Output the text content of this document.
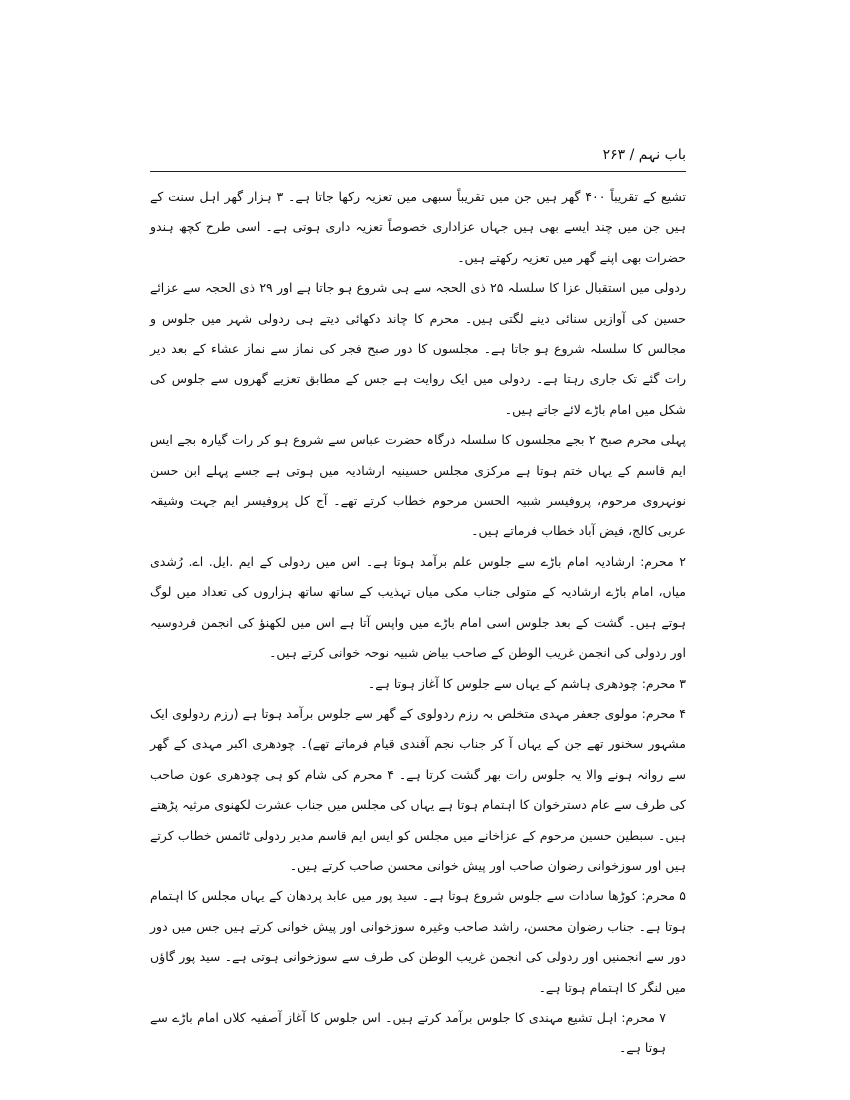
باب نہم / ۲۶۳

تشیع کے تقریباً ۴۰۰ گھر ہیں جن میں تقریباً سبھی میں تعزیہ رکھا جاتا ہے۔ ۳ ہزار گھر اہل سنت کے ہیں جن میں چند ایسے بھی ہیں جہاں عزاداری خصوصاً تعزیہ داری ہوتی ہے۔ اسی طرح کچھ ہندو حضرات بھی اپنے گھر میں تعزیہ رکھتے ہیں۔

ردولی میں استقبال عزا کا سلسلہ ۲۵ ذی الحجہ سے ہی شروع ہو جاتا ہے اور ۲۹ ذی الحجہ سے عزائے حسین کی آوازیں سنائی دینے لگتی ہیں۔ محرم کا چاند دکھائی دیتے ہی ردولی شہر میں جلوس و مجالس کا سلسلہ شروع ہو جاتا ہے۔ مجلسوں کا دور صبح فجر کی نماز سے نماز عشاء کے بعد دیر رات گئے تک جاری رہتا ہے۔ ردولی میں ایک روایت ہے جس کے مطابق تعزیے گھروں سے جلوس کی شکل میں امام باڑے لائے جاتے ہیں۔

پہلی محرم صبح ۲ بجے مجلسوں کا سلسلہ درگاہ حضرت عباس سے شروع ہو کر رات گیارہ بجے ایس ایم قاسم کے یہاں ختم ہوتا ہے مرکزی مجلس حسینیہ ارشادیہ میں ہوتی ہے جسے پہلے ابن حسن نونہروی مرحوم، پروفیسر شبیہ الحسن مرحوم خطاب کرتے تھے۔ آج کل پروفیسر ایم جہت وشیقہ عربی کالج، فیض آباد خطاب فرماتے ہیں۔

۲ محرم: ارشادیہ امام باڑے سے جلوس علم برآمد ہوتا ہے۔ اس میں ردولی کے ایم .ایل. اے. رُشدی میاں، امام باڑے ارشادیہ کے متولی جناب مکی میاں تہذیب کے ساتھ ساتھ ہزاروں کی تعداد میں لوگ ہوتے ہیں۔ گشت کے بعد جلوس اسی امام باڑے میں واپس آتا ہے اس میں لکھنؤ کی انجمن فردوسیہ اور ردولی کی انجمن غریب الوطن کے صاحب بیاض شبیہ نوحہ خوانی کرتے ہیں۔

۳ محرم: چودھری ہاشم کے یہاں سے جلوس کا آغاز ہوتا ہے۔

۴ محرم: مولوی جعفر مہدی متخلص بہ رزم ردولوی کے گھر سے جلوس برآمد ہوتا ہے (رزم ردولوی ایک مشہور سخنور تھے جن کے یہاں آ کر جناب نجم آفندی قیام فرماتے تھے)۔ چودھری اکبر مہدی کے گھر سے روانہ ہونے والا یہ جلوس رات بھر گشت کرتا ہے۔ ۴ محرم کی شام کو ہی چودھری عون صاحب کی طرف سے عام دسترخوان کا اہتمام ہوتا ہے یہاں کی مجلس میں جناب عشرت لکھنوی مرثیہ پڑھتے ہیں۔ سبطین حسین مرحوم کے عزاخانے میں مجلس کو ایس ایم قاسم مدیر ردولی ٹائمس خطاب کرتے ہیں اور سوزخوانی رضوان صاحب اور پیش خوانی محسن صاحب کرتے ہیں۔

۵ محرم: کوڑھا سادات سے جلوس شروع ہوتا ہے۔ سید پور میں عابد پردھان کے یہاں مجلس کا اہتمام ہوتا ہے۔ جناب رضوان محسن، راشد صاحب وغیرہ سوزخوانی اور پیش خوانی کرتے ہیں جس میں دور دور سے انجمنیں اور ردولی کی انجمن غریب الوطن کی طرف سے سوزخوانی ہوتی ہے۔ سید پور گاؤں میں لنگر کا اہتمام ہوتا ہے۔

۷ محرم: اہل تشیع مہندی کا جلوس برآمد کرتے ہیں۔ اس جلوس کا آغاز آصفیہ کلاں امام باڑے سے ہوتا ہے۔
